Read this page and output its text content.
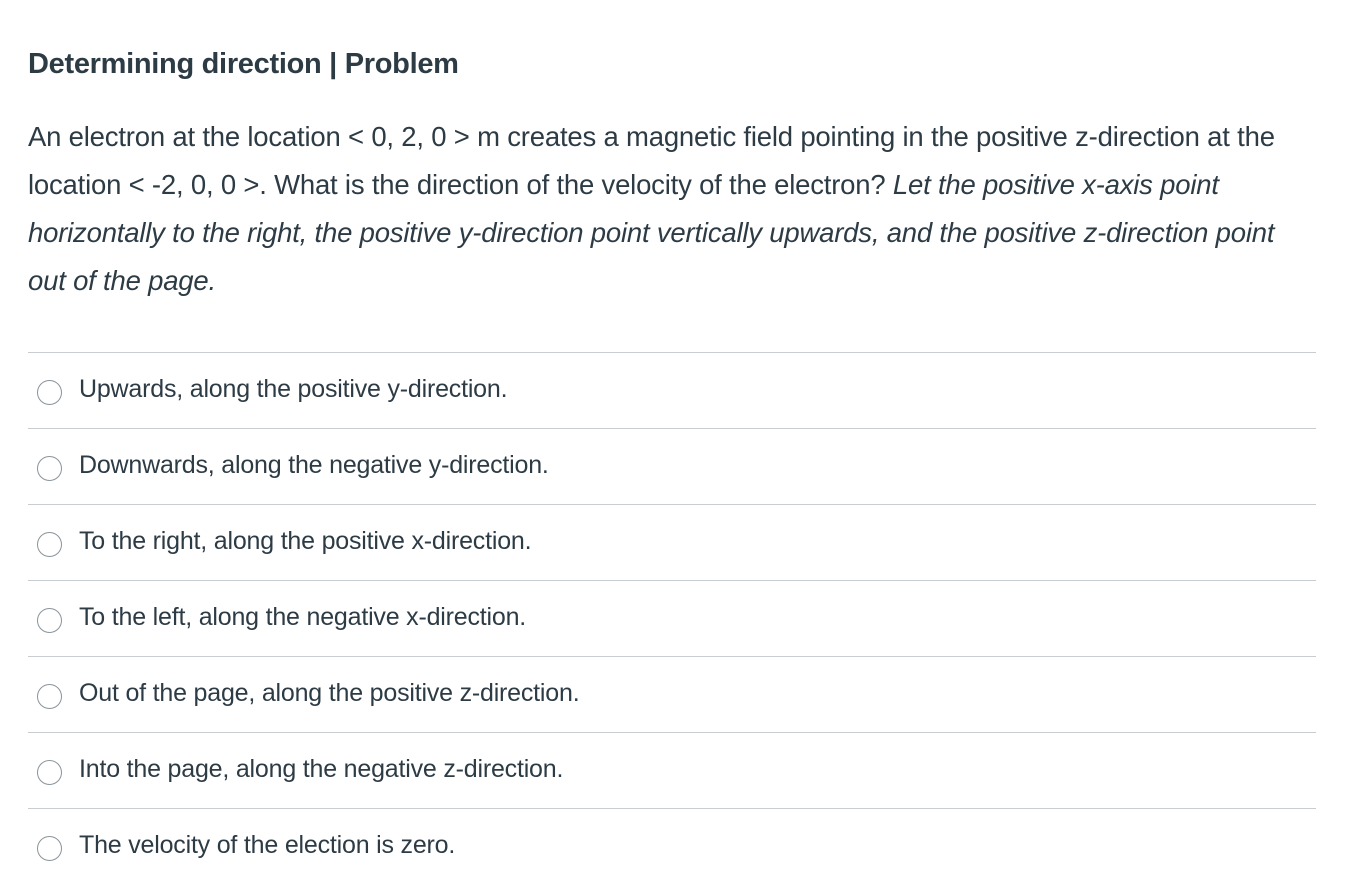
Determining direction | Problem

An electron at the location < 0, 2, 0 > m creates a magnetic field pointing in the positive z-direction at the location < -2, 0, 0 >. What is the direction of the velocity of the electron? Let the positive x-axis point horizontally to the right, the positive y-direction point vertically upwards, and the positive z-direction point out of the page.

Upwards, along the positive y-direction.
Downwards, along the negative y-direction.
To the right, along the positive x-direction.
To the left, along the negative x-direction.
Out of the page, along the positive z-direction.
Into the page, along the negative z-direction.
The velocity of the election is zero.
